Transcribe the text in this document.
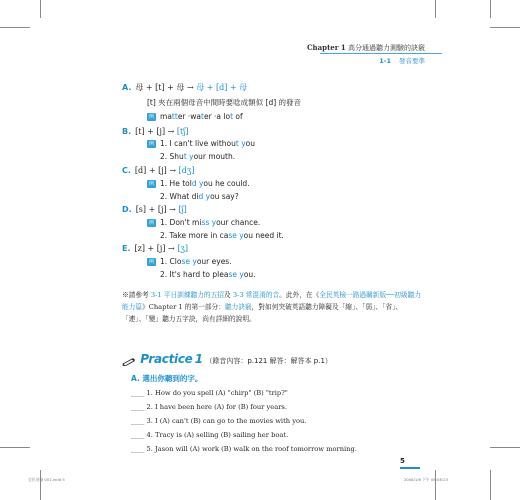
Chapter 1 高分通過聽力測驗的訣竅
1-1 發音要準
A. 母 + [t] + 母 → 母 + [d] + 母
[t] 夾在兩個母音中間時要唸成類似 [d] 的發音
例 matter ‧water ‧a lot of
B. [t] + [j] → [tʃ]
例 1. I can't live without you
2. Shut your mouth.
C. [d] + [j] → [dʒ]
例 1. He told you he could.
2. What did you say?
D. [s] + [j] → [ʃ]
例 1. Don't miss your chance.
2. Take more in case you need it.
E. [z] + [j] → [ʒ]
例 1. Close your eyes.
2. It's hard to please you.
※請參考 3-1 平日訓練聽力的五招及 3-3 常混淆的音。此外，在《全民英檢一路過關新版──初級聽力能力篇》Chapter 1 的第一部分：聽力訣竅，對如何突破英語聽力障礙及「縮」、「弱」、「省」、「連」、「變」聽力五字訣，尚有詳細的說明。
Practice 1 （錄音內容：p.121 解答：解答本 p.1）
A. 選出你聽到的字。
____ 1. How do you spell (A) "chirp" (B) "trip?"
____ 2. I have been here (A) for (B) four years.
____ 3. I (A) can't (B) can go to the movies with you.
____ 4. Tracy is (A) selling (B) sailing her boat.
____ 5. Jason will (A) work (B) walk on the roof tomorrow morning.
5
全民英檢 001.indd 5	2008/1/6 下午 06:08:23
